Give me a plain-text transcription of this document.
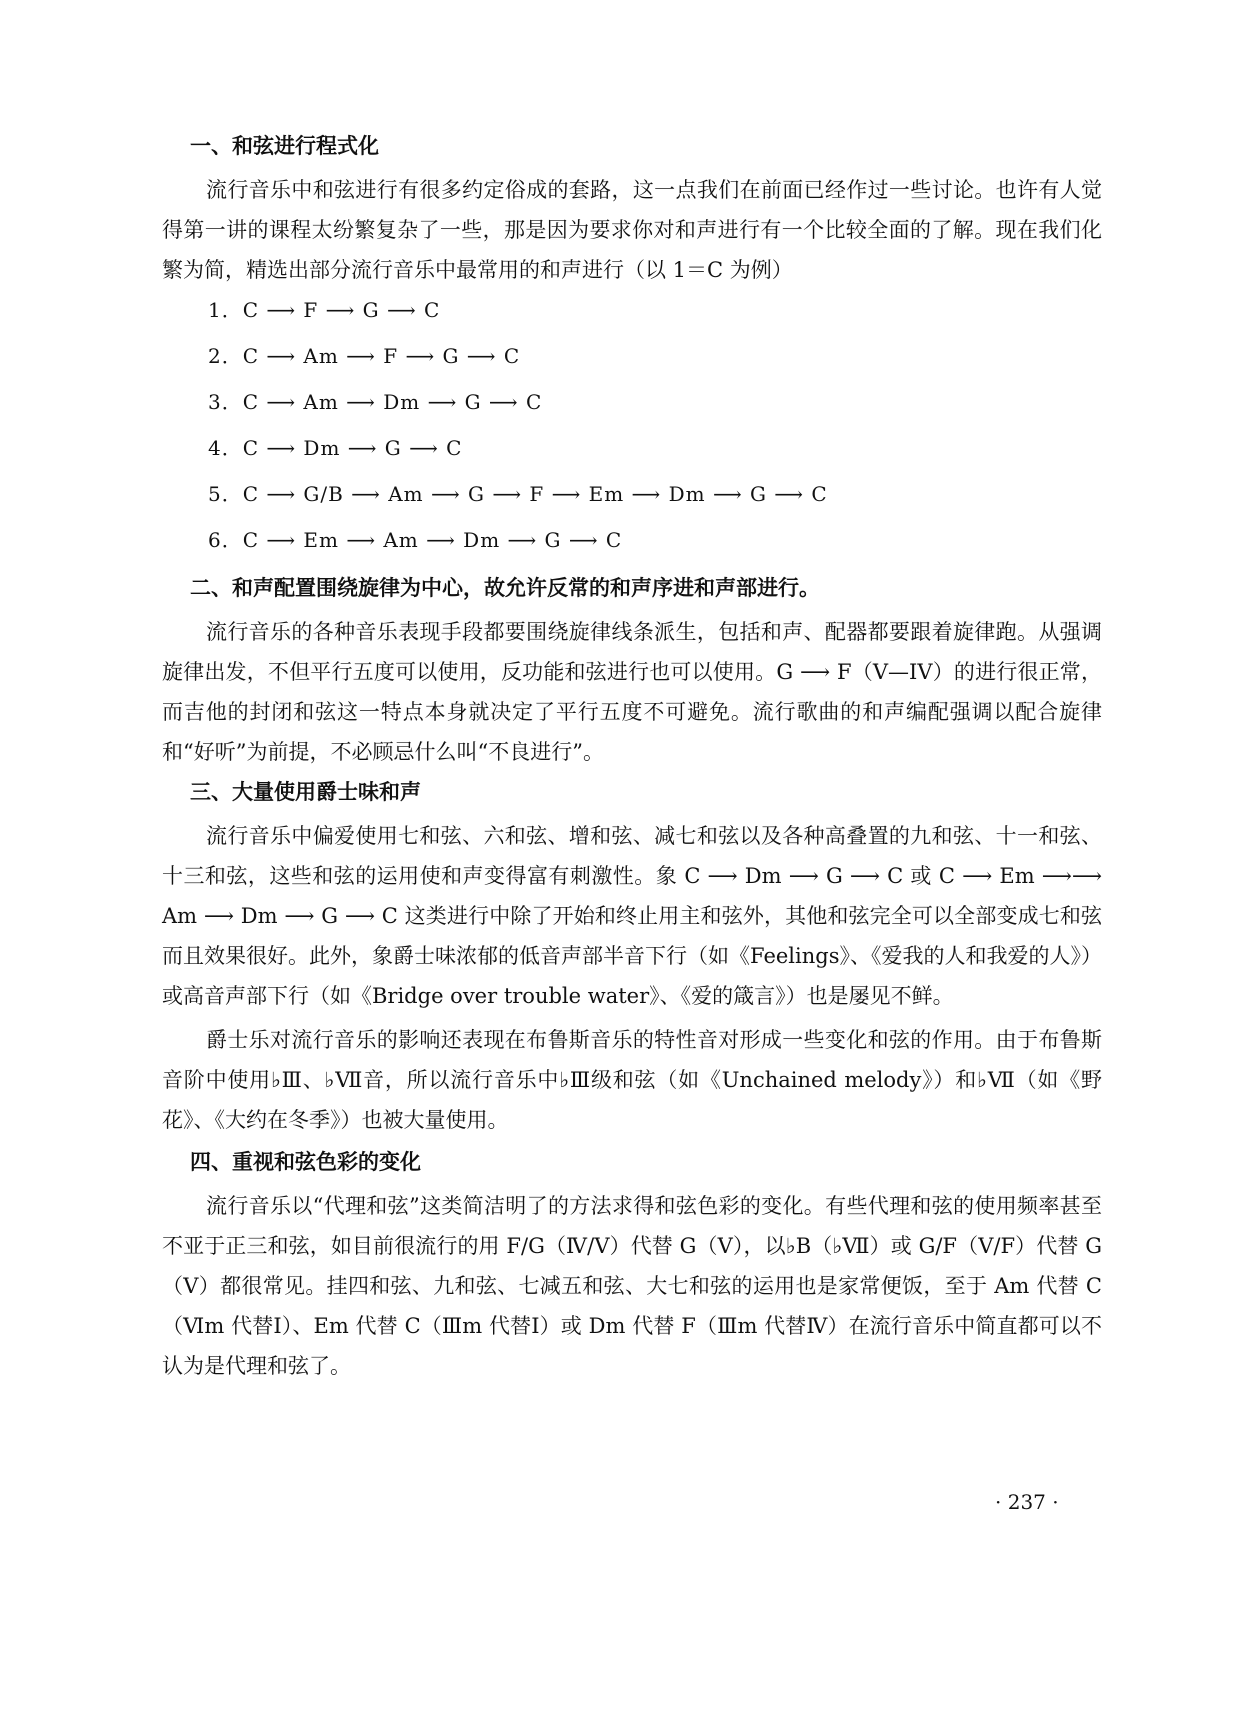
一、和弦进行程式化
流行音乐中和弦进行有很多约定俗成的套路，这一点我们在前面已经作过一些讨论。也许有人觉得第一讲的课程太纷繁复杂了一些，那是因为要求你对和声进行有一个比较全面的了解。现在我们化繁为简，精选出部分流行音乐中最常用的和声进行（以 1＝C 为例）
1．C ⟶ F ⟶ G ⟶ C
2．C ⟶ Am ⟶ F ⟶ G ⟶ C
3．C ⟶ Am ⟶ Dm ⟶ G ⟶ C
4．C ⟶ Dm ⟶ G ⟶ C
5．C ⟶ G/B ⟶ Am ⟶ G ⟶ F ⟶ Em ⟶ Dm ⟶ G ⟶ C
6．C ⟶ Em ⟶ Am ⟶ Dm ⟶ G ⟶ C
二、和声配置围绕旋律为中心，故允许反常的和声序进和声部进行。
流行音乐的各种音乐表现手段都要围绕旋律线条派生，包括和声、配器都要跟着旋律跑。从强调旋律出发，不但平行五度可以使用，反功能和弦进行也可以使用。G ⟶ F（V—IV）的进行很正常，而吉他的封闭和弦这一特点本身就决定了平行五度不可避免。流行歌曲的和声编配强调以配合旋律和“好听”为前提，不必顾忌什么叫“不良进行”。
三、大量使用爵士味和声
流行音乐中偏爱使用七和弦、六和弦、增和弦、减七和弦以及各种高叠置的九和弦、十一和弦、十三和弦，这些和弦的运用使和声变得富有刺激性。象 C ⟶ Dm ⟶ G ⟶ C 或 C ⟶ Em ⟶⟶ Am ⟶ Dm ⟶ G ⟶ C 这类进行中除了开始和终止用主和弦外，其他和弦完全可以全部变成七和弦而且效果很好。此外，象爵士味浓郁的低音声部半音下行（如《Feelings》、《爱我的人和我爱的人》）或高音声部下行（如《Bridge over trouble water》、《爱的箴言》）也是屡见不鲜。
爵士乐对流行音乐的影响还表现在布鲁斯音乐的特性音对形成一些变化和弦的作用。由于布鲁斯音阶中使用♭Ⅲ、♭Ⅶ音，所以流行音乐中♭Ⅲ级和弦（如《Unchained melody》）和♭Ⅶ（如《野花》、《大约在冬季》）也被大量使用。
四、重视和弦色彩的变化
流行音乐以“代理和弦”这类简洁明了的方法求得和弦色彩的变化。有些代理和弦的使用频率甚至不亚于正三和弦，如目前很流行的用 F/G（Ⅳ/Ⅴ）代替 G（Ⅴ），以♭B（♭Ⅶ）或 G/F（V/F）代替 G（Ⅴ）都很常见。挂四和弦、九和弦、七减五和弦、大七和弦的运用也是家常便饭，至于 Am 代替 C（Ⅵm 代替Ⅰ）、Em 代替 C（Ⅲm 代替Ⅰ）或 Dm 代替 F（Ⅲm 代替Ⅳ）在流行音乐中简直都可以不认为是代理和弦了。
· 237 ·
